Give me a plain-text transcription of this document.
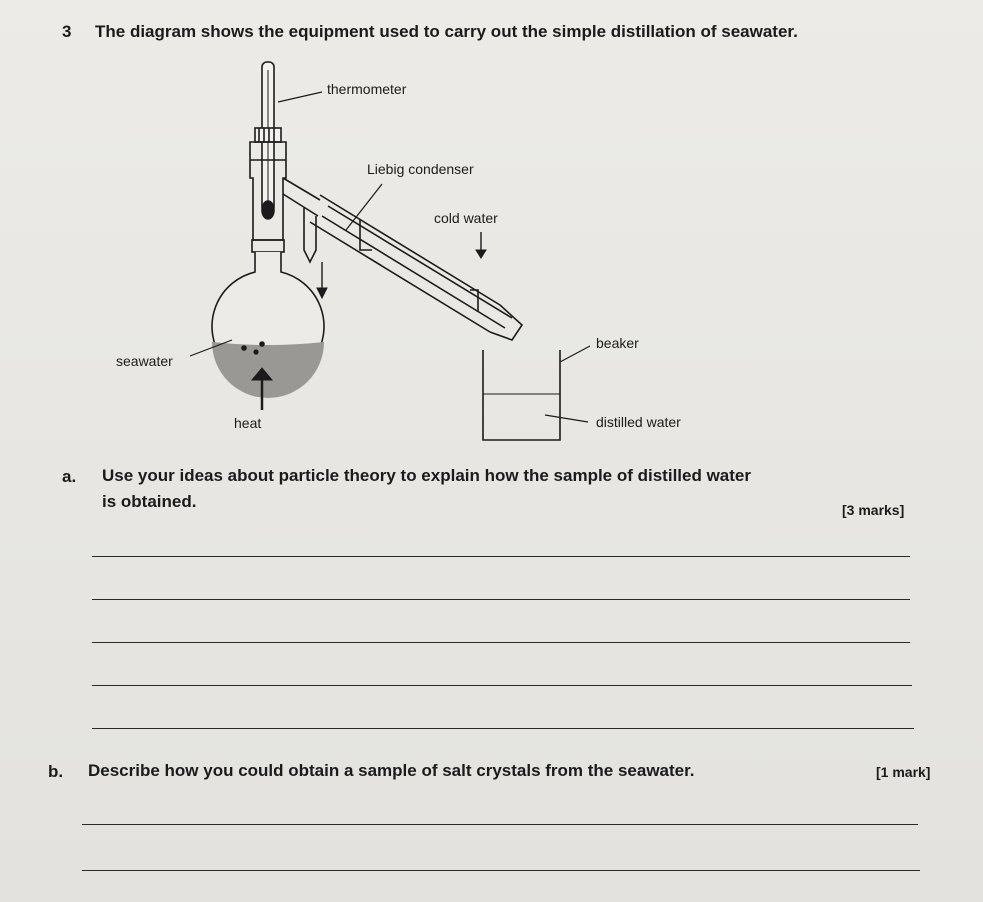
3 The diagram shows the equipment used to carry out the simple distillation of seawater.
thermometer
Liebig condenser
cold water
beaker
seawater
heat	distilled water
a. Use your ideas about particle theory to explain how the sample of distilled water
is obtained.	[3 marks]
b. Describe how you could obtain a sample of salt crystals from the seawater.	[1 mark]
